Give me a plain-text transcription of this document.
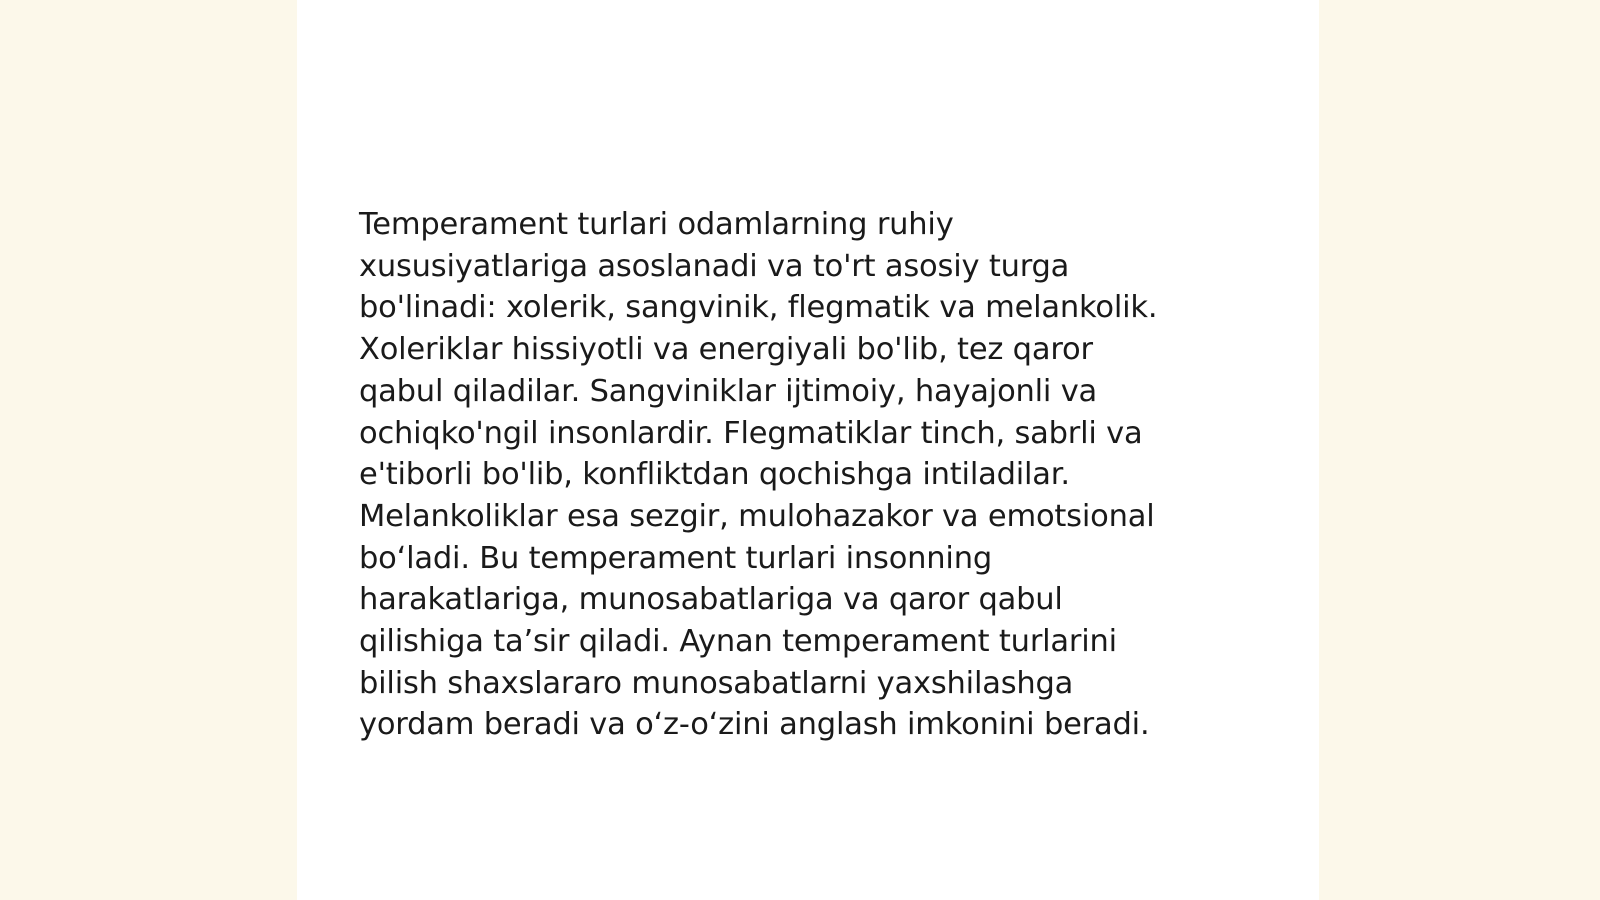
Temperament turlari odamlarning ruhiy
xususiyatlariga asoslanadi va to'rt asosiy turga
bo'linadi: xolerik, sangvinik, flegmatik va melankolik.
Xoleriklar hissiyotli va energiyali bo'lib, tez qaror
qabul qiladilar. Sangviniklar ijtimoiy, hayajonli va
ochiqko'ngil insonlardir. Flegmatiklar tinch, sabrli va
e'tiborli bo'lib, konfliktdan qochishga intiladilar.
Melankoliklar esa sezgir, mulohazakor va emotsional
bo‘ladi. Bu temperament turlari insonning
harakatlariga, munosabatlariga va qaror qabul
qilishiga ta’sir qiladi. Aynan temperament turlarini
bilish shaxslararo munosabatlarni yaxshilashga
yordam beradi va o‘z-o‘zini anglash imkonini beradi.
